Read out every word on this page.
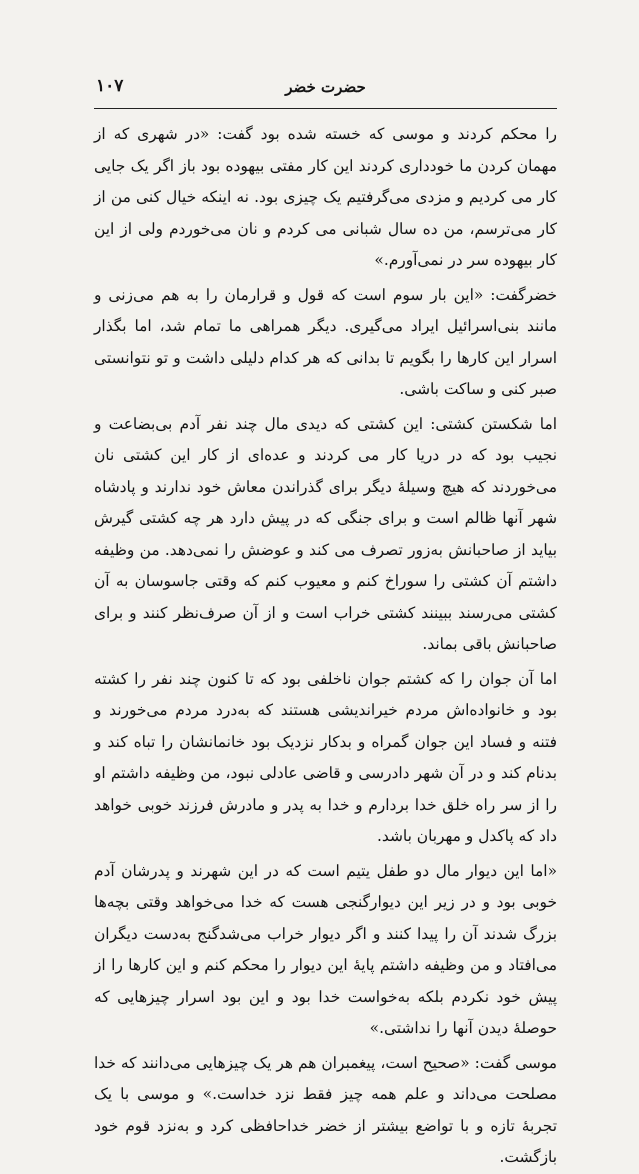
حضرت خضر
۱۰۷

را محکم کردند و موسی که خسته شده بود گفت: «در شهری که از مهمان کردن ما خودداری کردند این کار مفتی بیهوده بود باز اگر یک جایی کار می کردیم و مزدی می‌گرفتیم یک چیزی بود. نه اینکه خیال کنی من از کار می‌ترسم، من ده سال شبانی می کردم و نان می‌خوردم ولی از این کار بیهوده سر در نمی‌آورم.»

خضرگفت: «این بار سوم است که قول و قرارمان را به هم می‌زنی و مانند بنی‌اسرائیل ایراد می‌گیری. دیگر همراهی ما تمام شد، اما بگذار اسرار این کارها را بگویم تا بدانی که هر کدام دلیلی داشت و تو نتوانستی صبر کنی و ساکت باشی.

اما شکستن کشتی: این کشتی که دیدی مال چند نفر آدم بی‌بضاعت و نجیب بود که در دریا کار می کردند و عده‌ای از کار این کشتی نان می‌خوردند که هیچ وسیلهٔ دیگر برای گذراندن معاش خود ندارند و پادشاه شهر آنها ظالم است و برای جنگی که در پیش دارد هر چه کشتی گیرش بیاید از صاحبانش به‌زور تصرف می کند و عوضش را نمی‌دهد. من وظیفه داشتم آن کشتی را سوراخ کنم و معیوب کنم که وقتی جاسوسان به آن کشتی می‌رسند ببینند کشتی خراب است و از آن صرف‌نظر کنند و برای صاحبانش باقی بماند.

اما آن جوان را که کشتم جوان ناخلفی بود که تا کنون چند نفر را کشته بود و خانواده‌اش مردم خیراندیشی هستند که به‌درد مردم می‌خورند و فتنه و فساد این جوان گمراه و بدکار نزدیک بود خانمانشان را تباه کند و بدنام کند و در آن شهر دادرسی و قاضی عادلی نبود، من وظیفه داشتم او را از سر راه خلق خدا بردارم و خدا به پدر و مادرش فرزند خوبی خواهد داد که پاکدل و مهربان باشد.

«اما این دیوار مال دو طفل یتیم است که در این شهرند و پدرشان آدم خوبی بود و در زیر این دیوارگنجی هست که خدا می‌خواهد وقتی بچه‌ها بزرگ شدند آن را پیدا کنند و اگر دیوار خراب می‌شدگنج به‌دست دیگران می‌افتاد و من وظیفه داشتم پایهٔ این دیوار را محکم کنم و این کارها را از پیش خود نکردم بلکه به‌خواست خدا بود و این بود اسرار چیزهایی که حوصلهٔ دیدن آنها را نداشتی.»

موسی گفت: «صحیح است، پیغمبران هم هر یک چیزهایی می‌دانند که خدا مصلحت می‌داند و علم همه چیز فقط نزد خداست.» و موسی با یک تجربهٔ تازه و با تواضع بیشتر از خضر خداحافظی کرد و به‌نزد قوم خود بازگشت.
